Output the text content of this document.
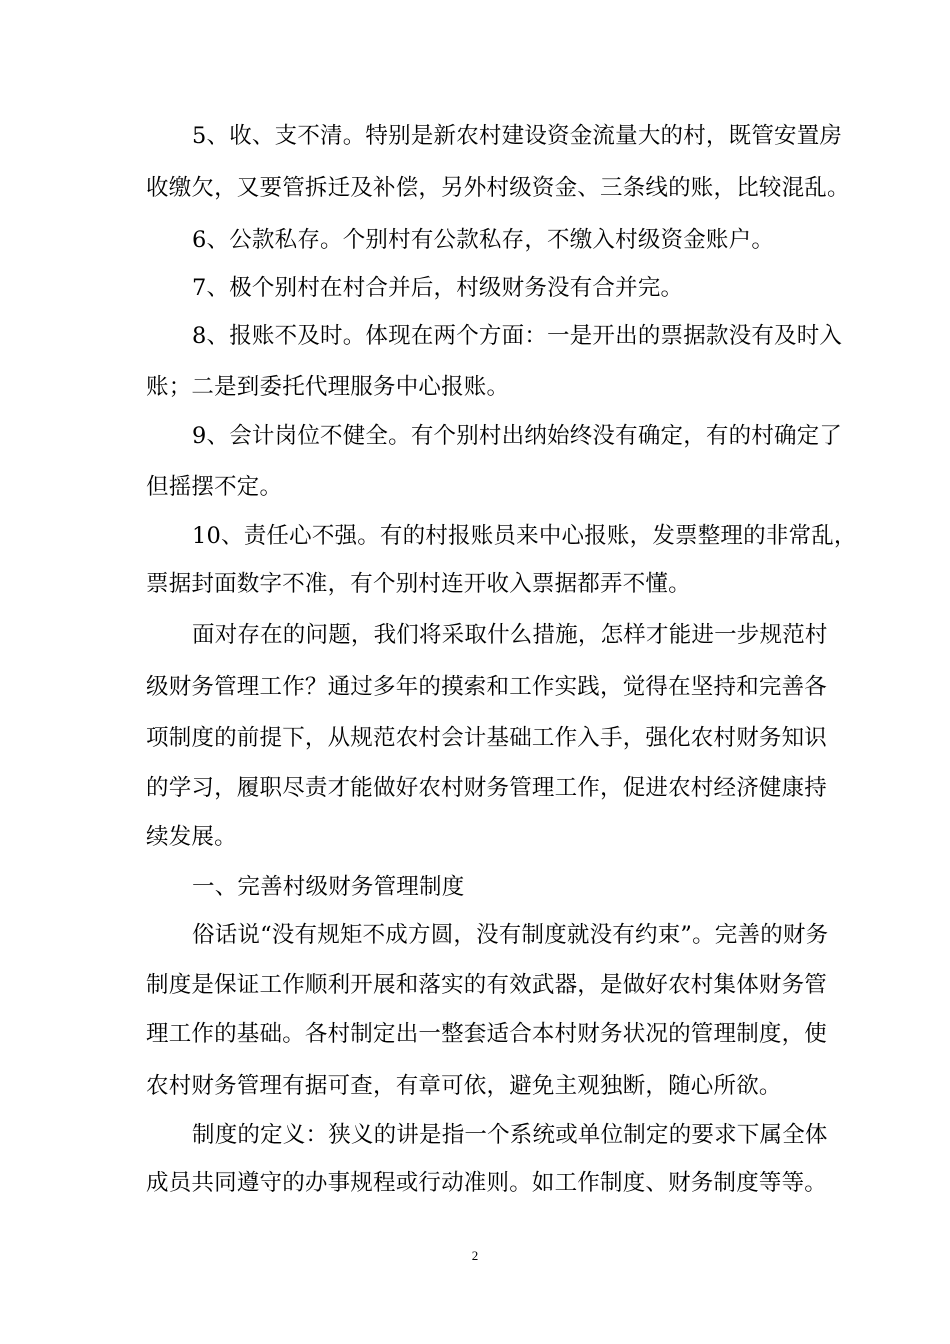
5、收、支不清。特别是新农村建设资金流量大的村，既管安置房
收缴欠，又要管拆迁及补偿，另外村级资金、三条线的账，比较混乱。
6、公款私存。个别村有公款私存，不缴入村级资金账户。
7、极个别村在村合并后，村级财务没有合并完。
8、报账不及时。体现在两个方面：一是开出的票据款没有及时入
账；二是到委托代理服务中心报账。
9、会计岗位不健全。有个别村出纳始终没有确定，有的村确定了
但摇摆不定。
10、责任心不强。有的村报账员来中心报账，发票整理的非常乱，
票据封面数字不准，有个别村连开收入票据都弄不懂。
面对存在的问题，我们将采取什么措施，怎样才能进一步规范村
级财务管理工作？通过多年的摸索和工作实践，觉得在坚持和完善各
项制度的前提下，从规范农村会计基础工作入手，强化农村财务知识
的学习，履职尽责才能做好农村财务管理工作，促进农村经济健康持
续发展。
一、完善村级财务管理制度
俗话说“没有规矩不成方圆，没有制度就没有约束”。完善的财务
制度是保证工作顺利开展和落实的有效武器，是做好农村集体财务管
理工作的基础。各村制定出一整套适合本村财务状况的管理制度，使
农村财务管理有据可查，有章可依，避免主观独断，随心所欲。
制度的定义：狭义的讲是指一个系统或单位制定的要求下属全体
成员共同遵守的办事规程或行动准则。如工作制度、财务制度等等。
2
